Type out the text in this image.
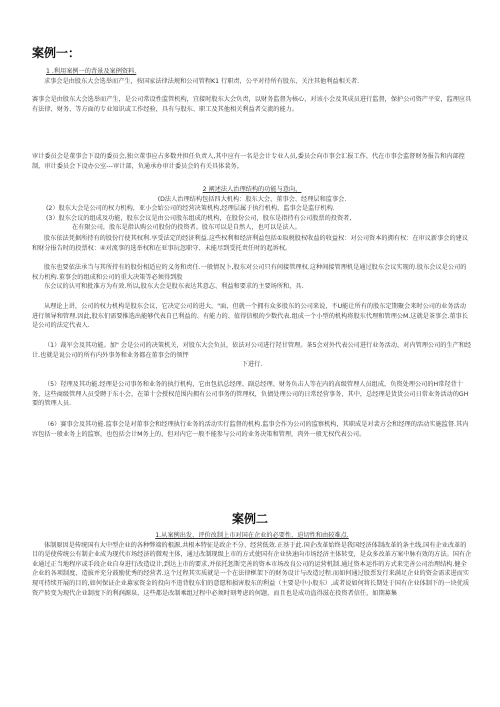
案例一：

1 .利用案例一的背景及案例资料.

求事会是由股东大会选举而产生，按国家法律法规和公司管程K1 行职责，公平对待所有股东，关注其他利益相关者.

赛事会是由股东大会选举而产生，是公司常设性监管机构，宜接时股东大会负责，以财务监督为核心，对该小会及其成员进行监督，保护公司资产平安，监理应具有法律、财务、等方面的专业知识或工作经验，具有与股东、职工及其他相关利益者交流的能力。

审计委员会是董事会下设的委员会,独立董事应占多数并担任负责人,其中应有一名是会计专业人员,委员会向市事会汇报工作，代在市事会监督财务报告和内部控制，审计委员会下设办公室---审计部，负通承办审计委员会的有关具体裴务。

2 阐述法人治理结构的功能与意向，

(D法人治理结构包括四大机构：股东大会、董事会、经理层和监事会.

(2）股东大会是公司的权力机构，亚小会始公司的经营决策机构,经理层属于执行机构，监事会是监仔机构.

(3）股东会议的组成及功能，股东会议是由公司股东组成的机构，在股份公司，股东是指持有公司股票的投资者,

在有限公司，股东是指认购公司股份的投资者。股东可以是自然人，也可以是法人。

股东依法凭据所持有的股份行使其权利.享受法定的经济利益.这些权利和经济利益包括①取税股权收益的收益权：对公司资本的拥有权：在审议新事会的建议和财分报告时的投票权：④对流事的选举权和在亚事玩忽职守、未能尽到受托责任时的起诉权。

股东也要依法承当与其所持有的股份相适应的义务和责任.一般情况卜,股东对公司只有间接管理权.这种间接管理机是通过股东会议实现的.股东会议是公司的权力机构.董事会的组成和公司的重大决策等必须得到股

东会议的认可和批准方为有效.所以,股东大会是股东表达其意志、利益和要求的主要场所和，具.

从理论上讲，公司的权力机构是股东会议，它决定公司的进大，"面，但就一个拥有众多股东的公司来说，不U能让所有的股东定期聚会来时公司的业务活动进行领导和管理.因此,股东们需要推选出能够代表自已利益的、有能力的、值得信根的少数代表.组成一个小型的机构将股东代理和管理公M.这就是茶事会.董事长是公司的法定代表人.

（1）裁军会及其功能。加" 会是公司的决策机关，对股东大会负员，依法对公司进行羟甘管理。茶5会对外代表公司进行业务活动，对内管理公司的生产和经计.也就是说公司的所有内外事务和业务都在董事会的领怦

下进行.

（5）羟理及其功能.经理是公司事务和业务的执行机构，它由包括总经理、副总经理、财务负击人等在内的高级管理人员组成，负资处理公司的H常羟背十务，这些商级管理人员受聘于东小会，在第十会授权范围内拥有公司事务的管理权，负债处理公司的日常经营事务，其中，总经理是货货公司日常业务活动的GH要的管理人员.

（6）赛事会及其功能.监事会是对董事会和经理执行业务的活动实行监督的机构.监事会作为公司的监察机构，其职成是对裴方会和经理的活动实施监督.其内容包括一般业务上的监察，也包括会计M务上的，但对内它一般不能参与公司的业务决策和管理，肉外一般无权代表公司。

案例二

1.从案例出发、评价改制上市对国在企业的必要性、迫切性和由较难点.

体制原因是传统国有大中型企业的各种弊端的根源,共根本特征是政企不分、经营低效.正基于此.国企改革始终是我国经济体制改革的条主线,国有企业改革的目的是使传统公有制企业成为现代市场经济的微观主体，通过改制现级上市的方式使国有企业快速向市场经济主体转变，是众多改革方案中脉有效的方法。国有企业通过正当地程序或手段企业自身进行改造设计,到达上市的要求,并依托惩斯完善的资本市场改良公司的运营机制.通过资本运作的方式来完善公司治理结构.健全企业的各项制度、造拔并充分鼓励优秀的经营者.这个过程其实质就是一个在法律框架下的财务设计与改造过程.而如何通过股票发行来满足企业的资金需求进而实现可持续开展的目的,如何保证企业募家资金的投向不违背股东们的意愿和损害股东的利益（主要是中小股东）,或者说如何将长期处于国有企业体制下的一块优质资产转变为现代企业制度下的利润源泉，这些都是改制乘组过程中必须时刻考虑的何题，而且也是成功盗得滋在投资者信任，如期募集
